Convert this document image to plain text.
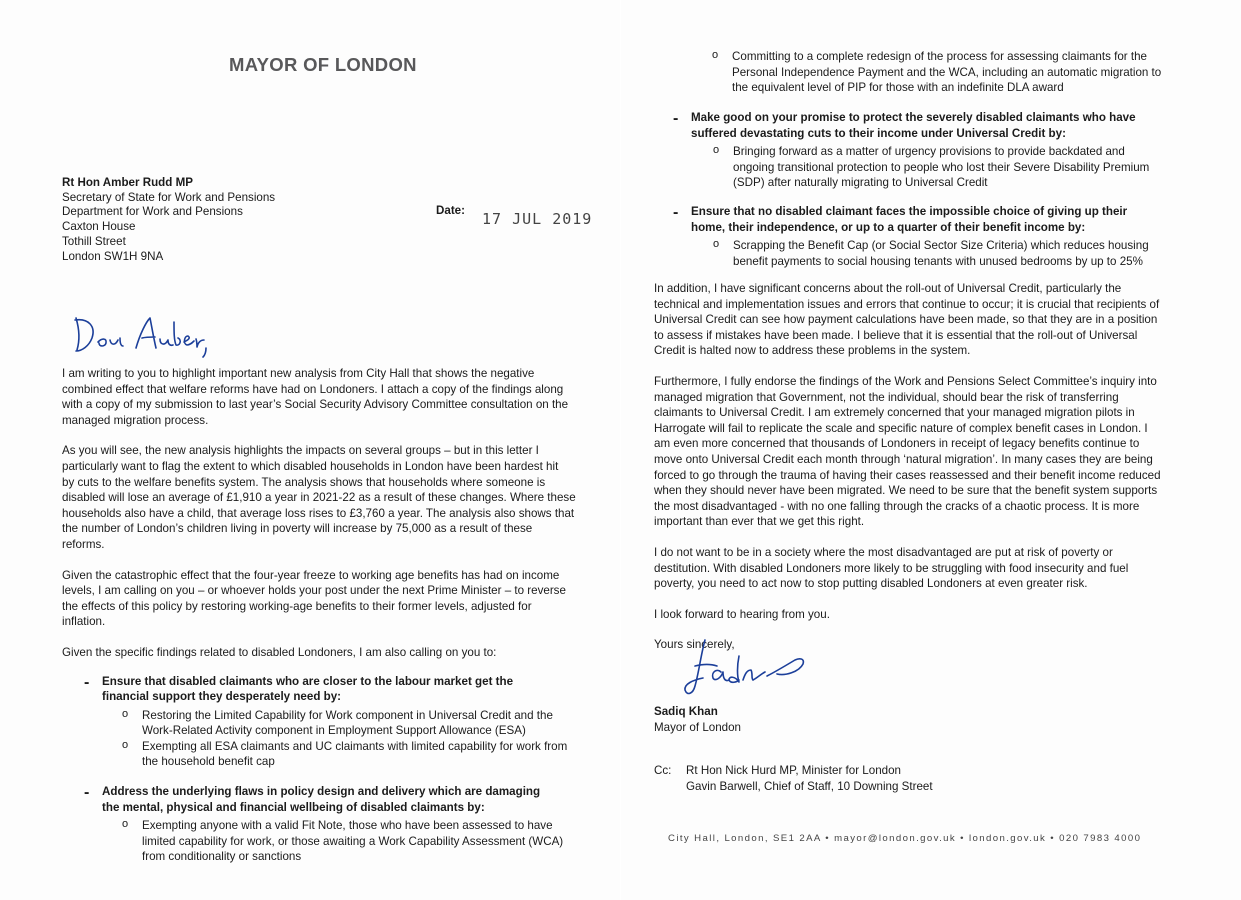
MAYOR OF LONDON

Rt Hon Amber Rudd MP

Secretary of State for Work and Pensions

Department for Work and Pensions

Caxton House

Tothill Street

London SW1H 9NA

Date: 17 JUL 2019

I am writing to you to highlight important new analysis from City Hall that shows the negative
combined effect that welfare reforms have had on Londoners. I attach a copy of the findings along
with a copy of my submission to last year’s Social Security Advisory Committee consultation on the
managed migration process.

As you will see, the new analysis highlights the impacts on several groups – but in this letter I
particularly want to flag the extent to which disabled households in London have been hardest hit
by cuts to the welfare benefits system. The analysis shows that households where someone is
disabled will lose an average of £1,910 a year in 2021-22 as a result of these changes. Where these
households also have a child, that average loss rises to £3,760 a year. The analysis also shows that
the number of London’s children living in poverty will increase by 75,000 as a result of these
reforms.

Given the catastrophic effect that the four-year freeze to working age benefits has had on income
levels, I am calling on you – or whoever holds your post under the next Prime Minister – to reverse
the effects of this policy by restoring working-age benefits to their former levels, adjusted for
inflation.

Given the specific findings related to disabled Londoners, I am also calling on you to:

- Ensure that disabled claimants who are closer to the labour market get the
financial support they desperately need by:

o Restoring the Limited Capability for Work component in Universal Credit and the
Work-Related Activity component in Employment Support Allowance (ESA)

o Exempting all ESA claimants and UC claimants with limited capability for work from
the household benefit cap

- Address the underlying flaws in policy design and delivery which are damaging
the mental, physical and financial wellbeing of disabled claimants by:

o Exempting anyone with a valid Fit Note, those who have been assessed to have
limited capability for work, or those awaiting a Work Capability Assessment (WCA)
from conditionality or sanctions

o Committing to a complete redesign of the process for assessing claimants for the
Personal Independence Payment and the WCA, including an automatic migration to
the equivalent level of PIP for those with an indefinite DLA award

- Make good on your promise to protect the severely disabled claimants who have
suffered devastating cuts to their income under Universal Credit by:

o Bringing forward as a matter of urgency provisions to provide backdated and
ongoing transitional protection to people who lost their Severe Disability Premium
(SDP) after naturally migrating to Universal Credit

- Ensure that no disabled claimant faces the impossible choice of giving up their
home, their independence, or up to a quarter of their benefit income by:

o Scrapping the Benefit Cap (or Social Sector Size Criteria) which reduces housing
benefit payments to social housing tenants with unused bedrooms by up to 25%

In addition, I have significant concerns about the roll-out of Universal Credit, particularly the
technical and implementation issues and errors that continue to occur; it is crucial that recipients of
Universal Credit can see how payment calculations have been made, so that they are in a position
to assess if mistakes have been made. I believe that it is essential that the roll-out of Universal
Credit is halted now to address these problems in the system.

Furthermore, I fully endorse the findings of the Work and Pensions Select Committee’s inquiry into
managed migration that Government, not the individual, should bear the risk of transferring
claimants to Universal Credit. I am extremely concerned that your managed migration pilots in
Harrogate will fail to replicate the scale and specific nature of complex benefit cases in London. I
am even more concerned that thousands of Londoners in receipt of legacy benefits continue to
move onto Universal Credit each month through ‘natural migration’. In many cases they are being
forced to go through the trauma of having their cases reassessed and their benefit income reduced
when they should never have been migrated. We need to be sure that the benefit system supports
the most disadvantaged - with no one falling through the cracks of a chaotic process. It is more
important than ever that we get this right.

I do not want to be in a society where the most disadvantaged are put at risk of poverty or
destitution. With disabled Londoners more likely to be struggling with food insecurity and fuel
poverty, you need to act now to stop putting disabled Londoners at even greater risk.

I look forward to hearing from you.

Yours sincerely,

Sadiq Khan

Mayor of London

Cc: Rt Hon Nick Hurd MP, Minister for London

Gavin Barwell, Chief of Staff, 10 Downing Street

City Hall, London, SE1 2AA • mayor@london.gov.uk • london.gov.uk • 020 7983 4000
